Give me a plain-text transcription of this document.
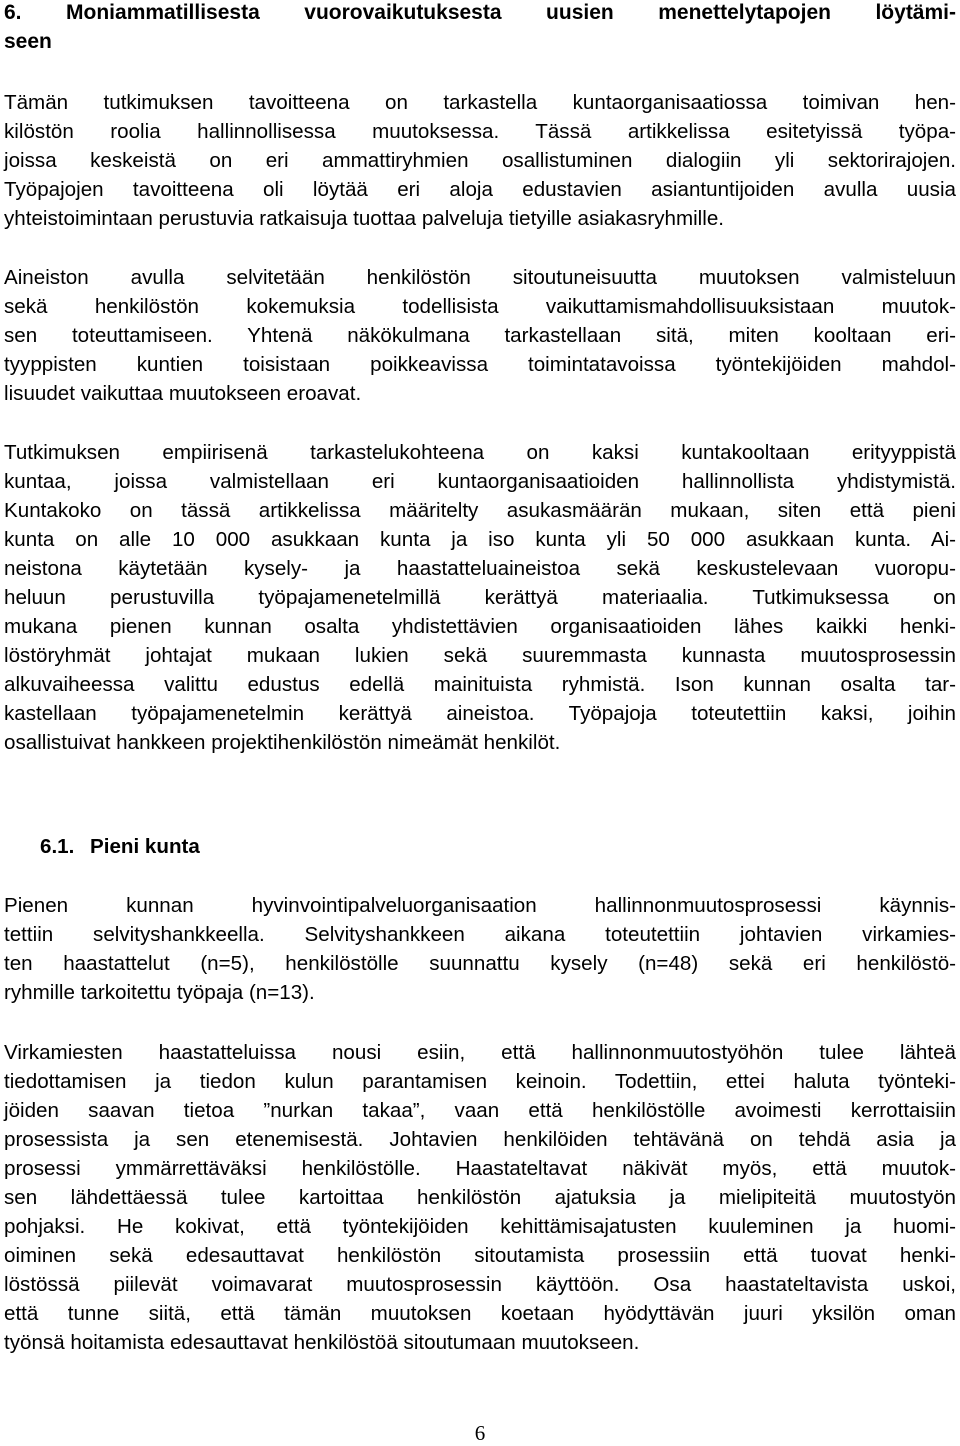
6. Moniammatillisesta vuorovaikutuksesta uusien menettelytapojen löytämi-
seen
Tämän tutkimuksen tavoitteena on tarkastella kuntaorganisaatiossa toimivan hen-
kilöstön roolia hallinnollisessa muutoksessa. Tässä artikkelissa esitetyissä työpa-
joissa keskeistä on eri ammattiryhmien osallistuminen dialogiin yli sektorirajojen.
Työpajojen tavoitteena oli löytää eri aloja edustavien asiantuntijoiden avulla uusia
yhteistoimintaan perustuvia ratkaisuja tuottaa palveluja tietyille asiakasryhmille.
Aineiston avulla selvitetään henkilöstön sitoutuneisuutta muutoksen valmisteluun
sekä henkilöstön kokemuksia todellisista vaikuttamismahdollisuuksistaan muutok-
sen toteuttamiseen. Yhtenä näkökulmana tarkastellaan sitä, miten kooltaan eri-
tyyppisten kuntien toisistaan poikkeavissa toimintatavoissa työntekijöiden mahdol-
lisuudet vaikuttaa muutokseen eroavat.
Tutkimuksen empiirisenä tarkastelukohteena on kaksi kuntakooltaan erityyppistä
kuntaa, joissa valmistellaan eri kuntaorganisaatioiden hallinnollista yhdistymistä.
Kuntakoko on tässä artikkelissa määritelty asukasmäärän mukaan, siten että pieni
kunta on alle 10 000 asukkaan kunta ja iso kunta yli 50 000 asukkaan kunta. Ai-
neistona käytetään kysely- ja haastatteluaineistoa sekä keskustelevaan vuoropu-
heluun perustuvilla työpajamenetelmillä kerättyä materiaalia. Tutkimuksessa on
mukana pienen kunnan osalta yhdistettävien organisaatioiden lähes kaikki henki-
löstöryhmät johtajat mukaan lukien sekä suuremmasta kunnasta muutosprosessin
alkuvaiheessa valittu edustus edellä mainituista ryhmistä. Ison kunnan osalta tar-
kastellaan työpajamenetelmin kerättyä aineistoa. Työpajoja toteutettiin kaksi, joihin
osallistuivat hankkeen projektihenkilöstön nimeämät henkilöt.
6.1. Pieni kunta
Pienen kunnan hyvinvointipalveluorganisaation hallinnonmuutosprosessi käynnis-
tettiin selvityshankkeella. Selvityshankkeen aikana toteutettiin johtavien virkamies-
ten haastattelut (n=5), henkilöstölle suunnattu kysely (n=48) sekä eri henkilöstö-
ryhmille tarkoitettu työpaja (n=13).
Virkamiesten haastatteluissa nousi esiin, että hallinnonmuutostyöhön tulee lähteä
tiedottamisen ja tiedon kulun parantamisen keinoin. Todettiin, ettei haluta työnteki-
jöiden saavan tietoa ”nurkan takaa”, vaan että henkilöstölle avoimesti kerrottaisiin
prosessista ja sen etenemisestä. Johtavien henkilöiden tehtävänä on tehdä asia ja
prosessi ymmärrettäväksi henkilöstölle. Haastateltavat näkivät myös, että muutok-
sen lähdettäessä tulee kartoittaa henkilöstön ajatuksia ja mielipiteitä muutostyön
pohjaksi. He kokivat, että työntekijöiden kehittämisajatusten kuuleminen ja huomi-
oiminen sekä edesauttavat henkilöstön sitoutamista prosessiin että tuovat henki-
löstössä piilevät voimavarat muutosprosessin käyttöön. Osa haastateltavista uskoi,
että tunne siitä, että tämän muutoksen koetaan hyödyttävän juuri yksilön oman
työnsä hoitamista edesauttavat henkilöstöä sitoutumaan muutokseen.
6
